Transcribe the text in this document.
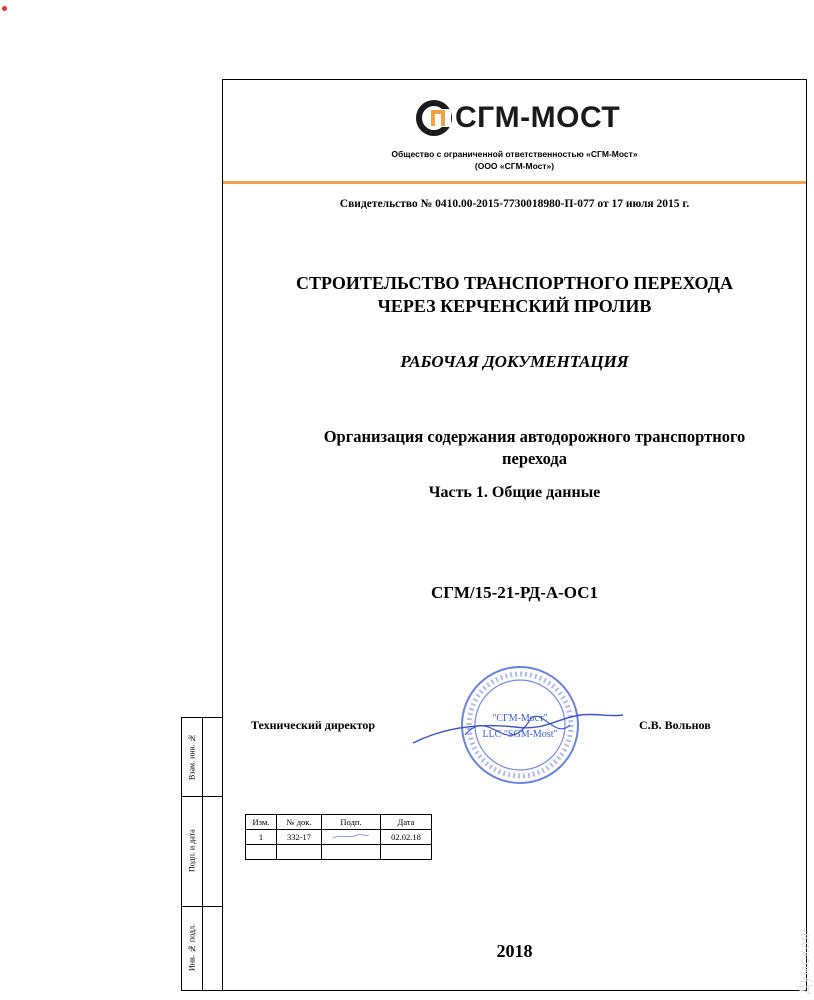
СГМ-МОСТ
Общество с ограниченной ответственностью «СГМ-Мост»
(ООО «СГМ-Мост»)
Свидетельство № 0410.00-2015-7730018980-П-077 от 17 июля 2015 г.
СТРОИТЕЛЬСТВО ТРАНСПОРТНОГО ПЕРЕХОДА
ЧЕРЕЗ КЕРЧЕНСКИЙ ПРОЛИВ
РАБОЧАЯ ДОКУМЕНТАЦИЯ
Организация содержания автодорожного транспортного
перехода
Часть 1. Общие данные
СГМ/15-21-РД-А-ОС1
Технический директор	С.В. Вольнов
"СГМ-Мост"
LLC "SGM-Most"
Изм.	№ док.	Подп.	Дата
1	332-17		02.02.18

2018
Взам. инв. №
Подп. и дата
Инв. № подл.	Думская
